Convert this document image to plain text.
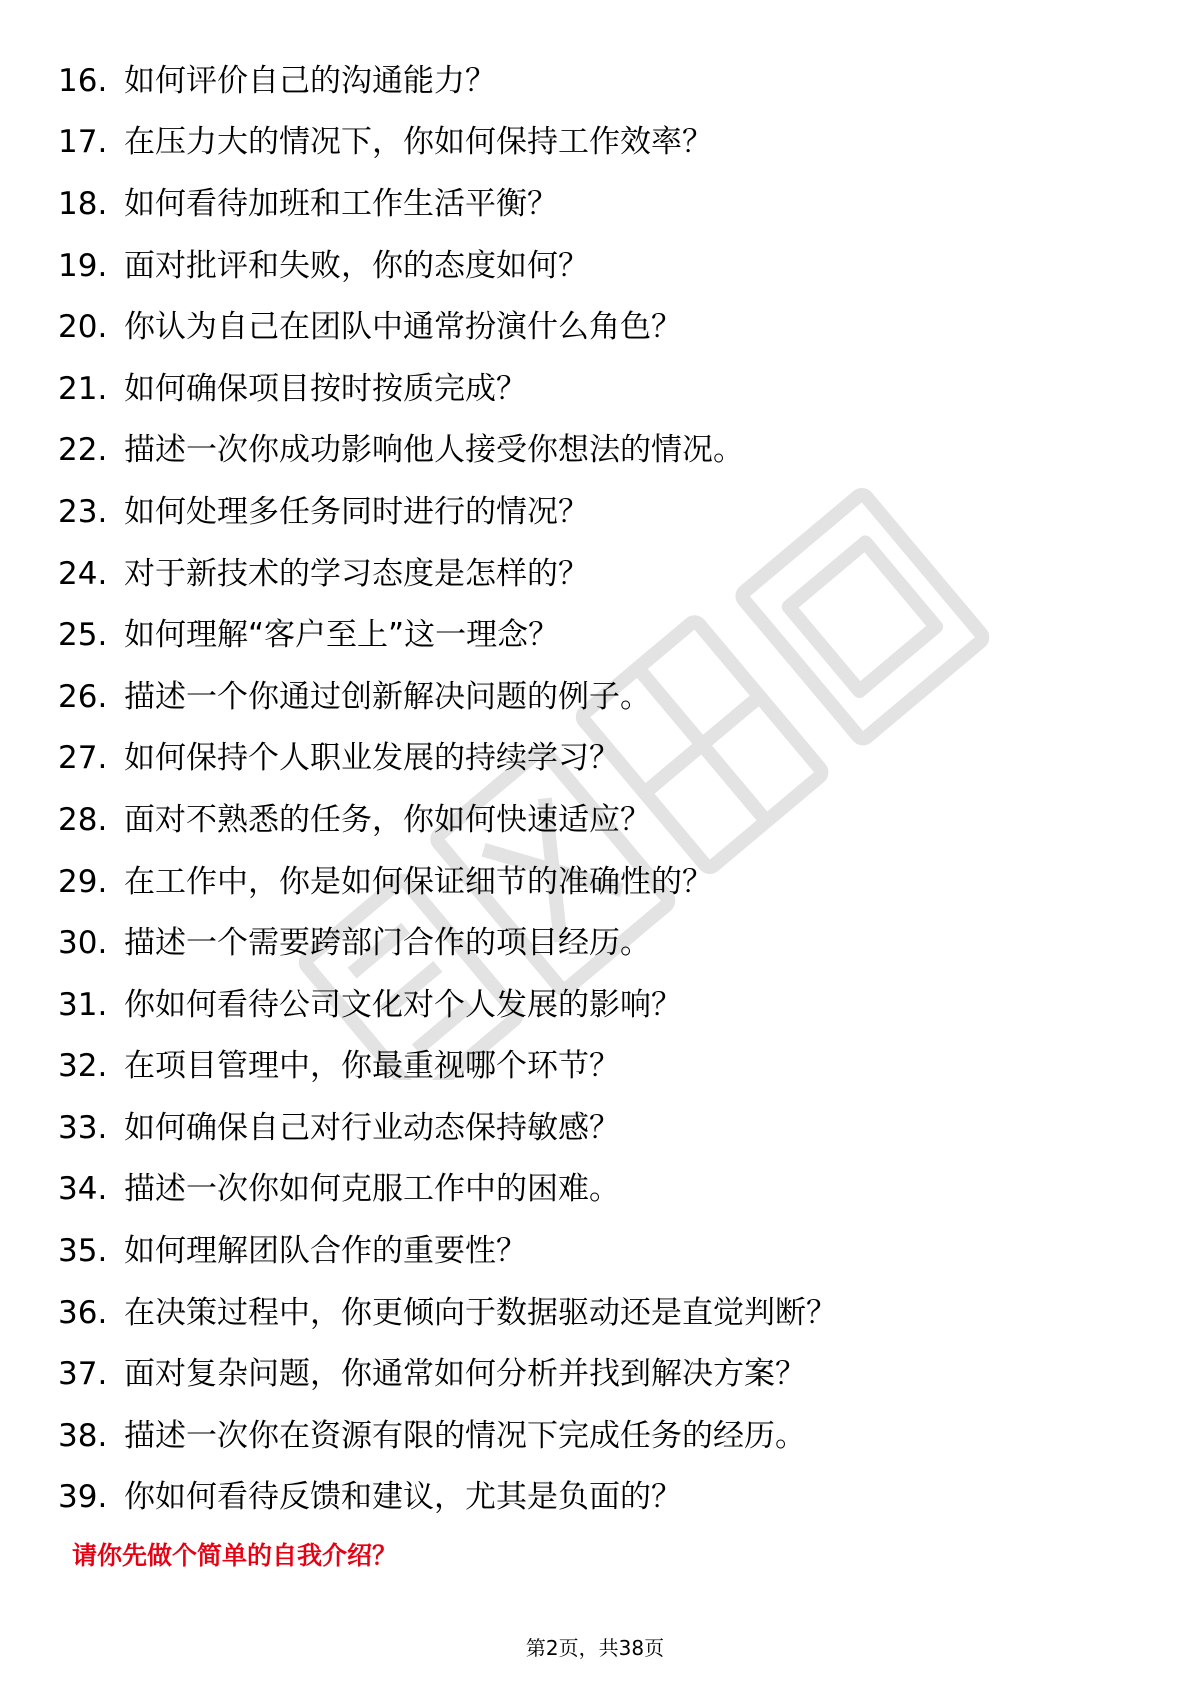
16. 如何评价自己的沟通能力？
17. 在压力大的情况下，你如何保持工作效率？
18. 如何看待加班和工作生活平衡？
19. 面对批评和失败，你的态度如何？
20. 你认为自己在团队中通常扮演什么角色？
21. 如何确保项目按时按质完成？
22. 描述一次你成功影响他人接受你想法的情况。
23. 如何处理多任务同时进行的情况？
24. 对于新技术的学习态度是怎样的？
25. 如何理解“客户至上”这一理念？
26. 描述一个你通过创新解决问题的例子。
27. 如何保持个人职业发展的持续学习？
28. 面对不熟悉的任务，你如何快速适应？
29. 在工作中，你是如何保证细节的准确性的？
30. 描述一个需要跨部门合作的项目经历。
31. 你如何看待公司文化对个人发展的影响？
32. 在项目管理中，你最重视哪个环节？
33. 如何确保自己对行业动态保持敏感？
34. 描述一次你如何克服工作中的困难。
35. 如何理解团队合作的重要性？
36. 在决策过程中，你更倾向于数据驱动还是直觉判断？
37. 面对复杂问题，你通常如何分析并找到解决方案？
38. 描述一次你在资源有限的情况下完成任务的经历。
39. 你如何看待反馈和建议，尤其是负面的？
请你先做个简单的自我介绍？
第2页，共38页
